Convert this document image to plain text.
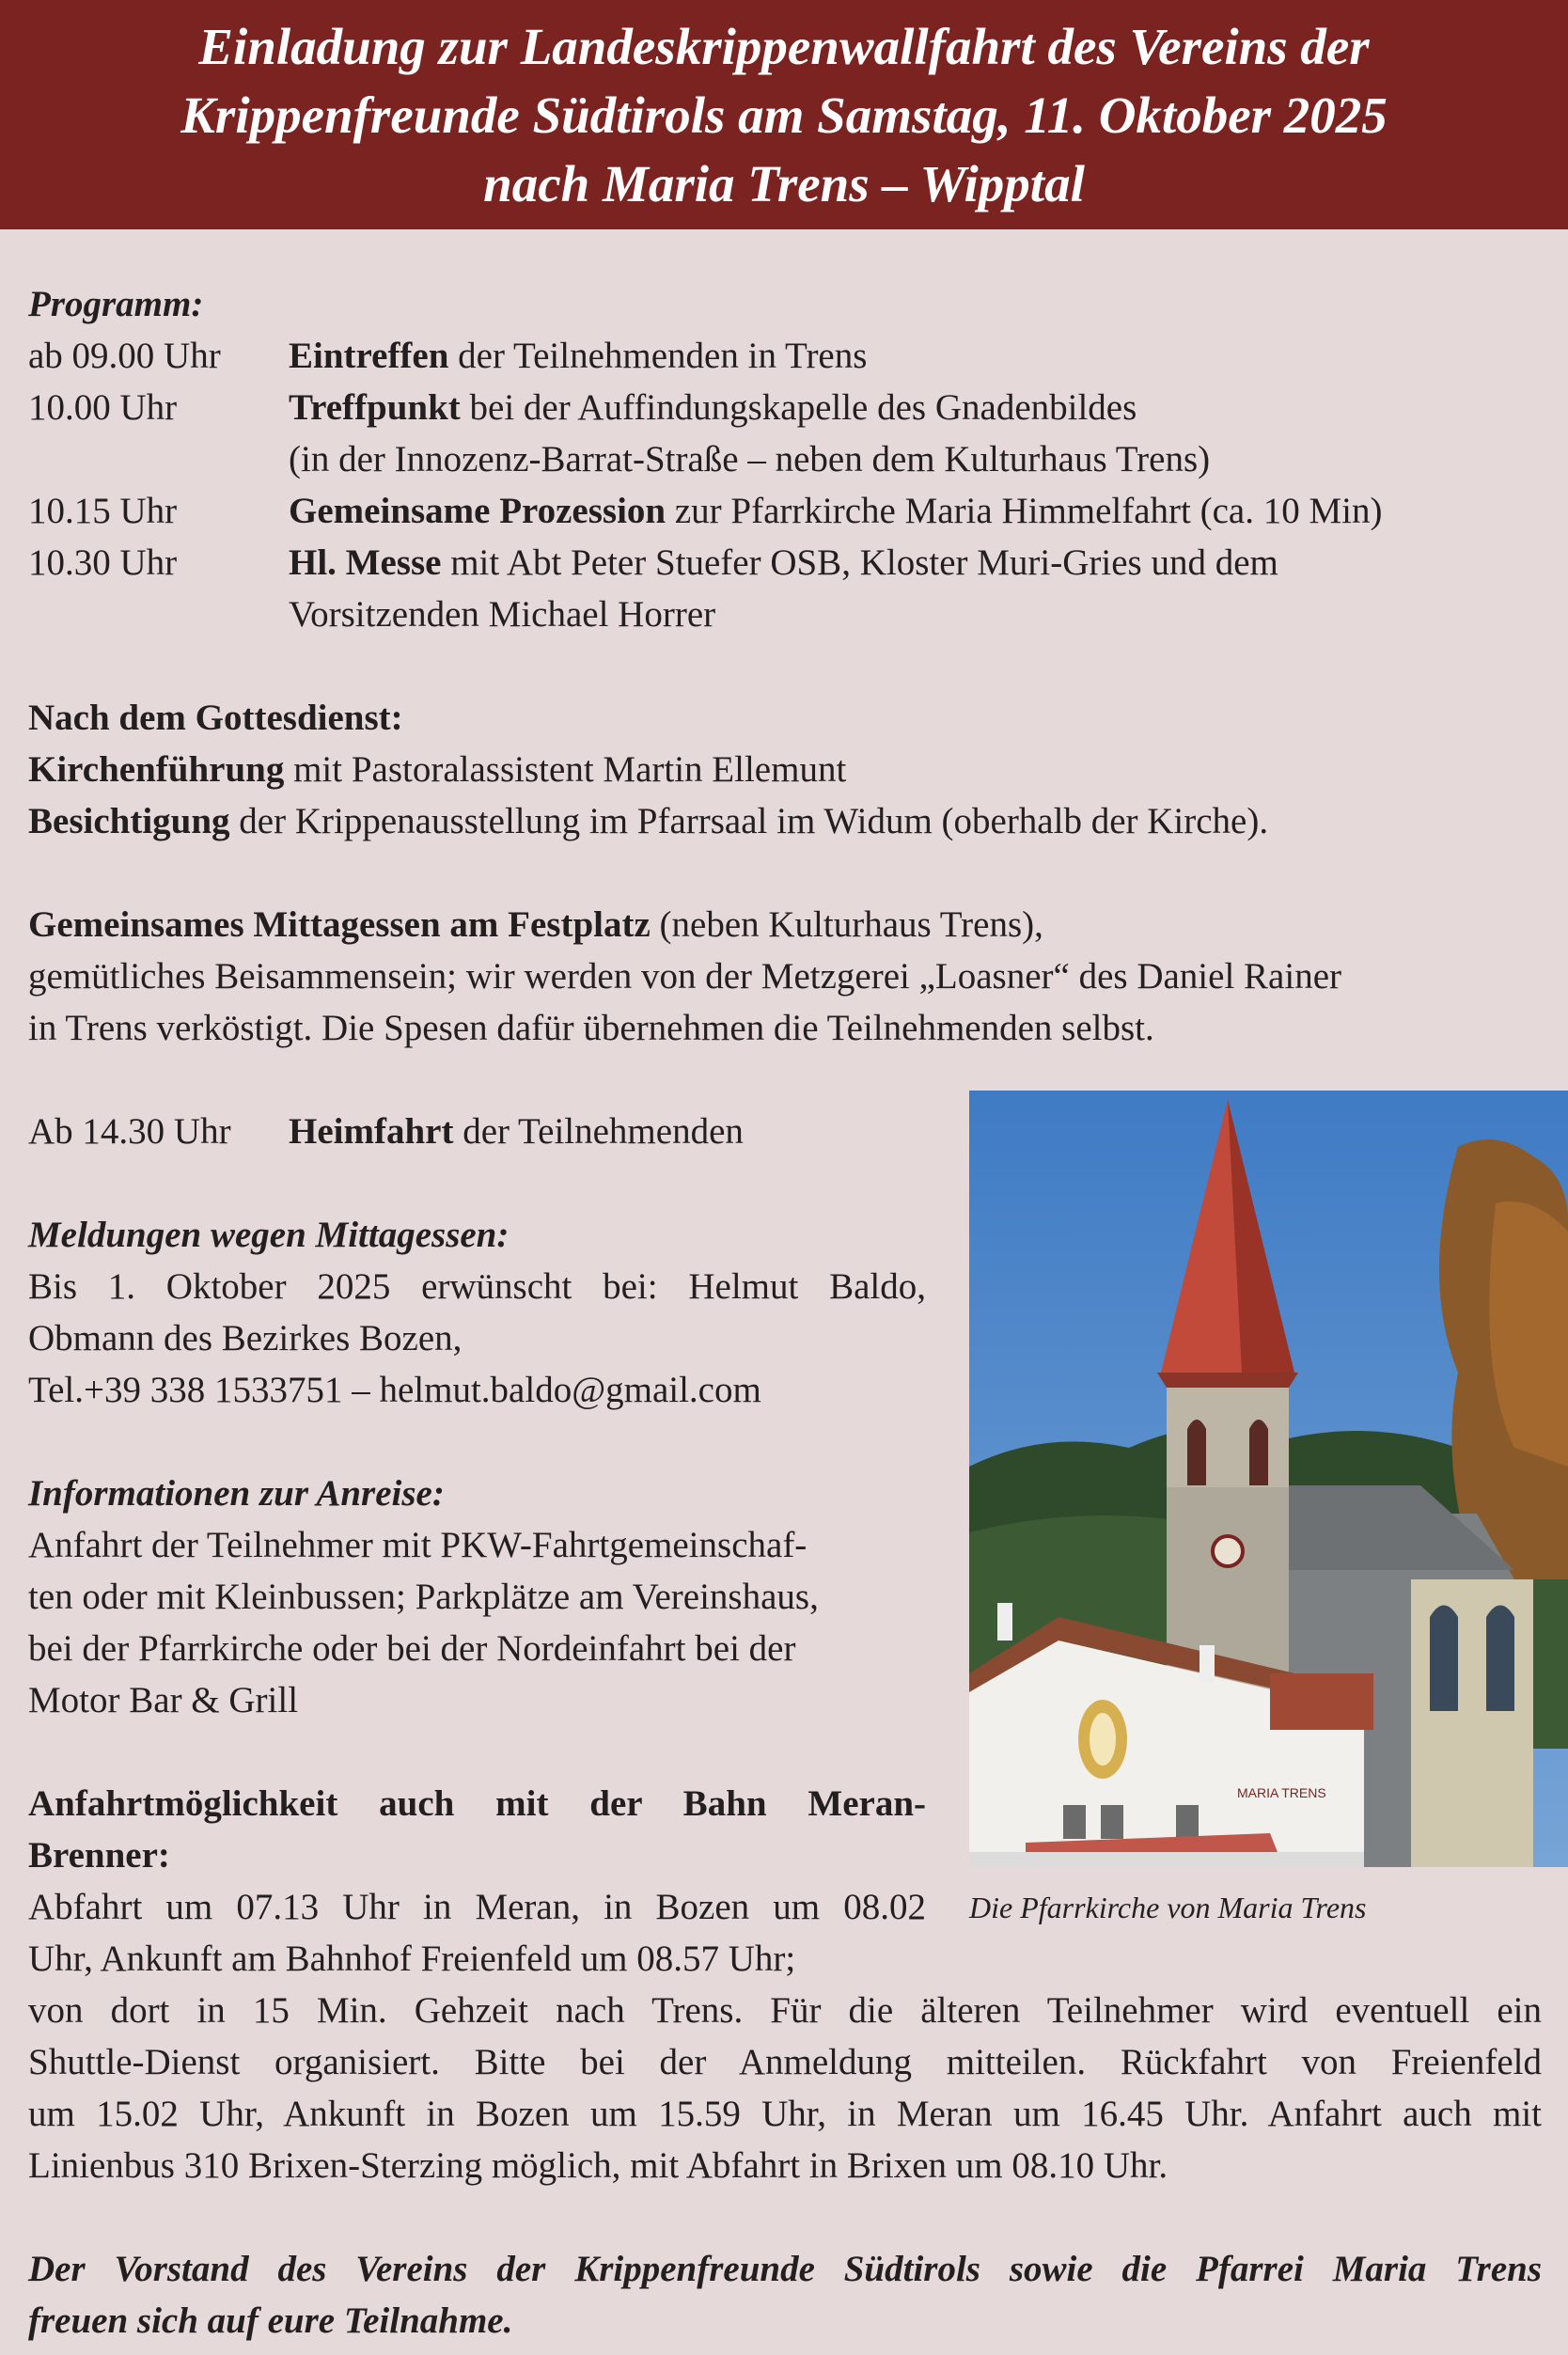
Einladung zur Landeskrippenwallfahrt des Vereins der
Krippenfreunde Südtirols am Samstag, 11. Oktober 2025
nach Maria Trens – Wipptal
Programm:
ab 09.00 Uhr	Eintreffen der Teilnehmenden in Trens
10.00 Uhr	Treffpunkt bei der Auffindungskapelle des Gnadenbildes
(in der Innozenz-Barrat-Straße – neben dem Kulturhaus Trens)
10.15 Uhr	Gemeinsame Prozession zur Pfarrkirche Maria Himmelfahrt (ca. 10 Min)
10.30 Uhr	Hl. Messe mit Abt Peter Stuefer OSB, Kloster Muri-Gries und dem
Vorsitzenden Michael Horrer
Nach dem Gottesdienst:
Kirchenführung mit Pastoralassistent Martin Ellemunt
Besichtigung der Krippenausstellung im Pfarrsaal im Widum (oberhalb der Kirche).
Gemeinsames Mittagessen am Festplatz (neben Kulturhaus Trens),
gemütliches Beisammensein; wir werden von der Metzgerei „Loasner“ des Daniel Rainer
in Trens verköstigt. Die Spesen dafür übernehmen die Teilnehmenden selbst.
Ab 14.30 Uhr	Heimfahrt der Teilnehmenden
Meldungen wegen Mittagessen:
Bis 1. Oktober 2025 erwünscht bei: Helmut Baldo,
Obmann des Bezirkes Bozen,
Tel.+39 338 1533751 – helmut.baldo@gmail.com
Informationen zur Anreise:
Anfahrt der Teilnehmer mit PKW-Fahrtgemeinschaf-
ten oder mit Kleinbussen; Parkplätze am Vereinshaus,
bei der Pfarrkirche oder bei der Nordeinfahrt bei der
Motor Bar & Grill
Anfahrtmöglichkeit auch mit der Bahn Meran-
Brenner:
Abfahrt um 07.13 Uhr in Meran, in Bozen um 08.02
Uhr, Ankunft am Bahnhof Freienfeld um 08.57 Uhr;
von dort in 15 Min. Gehzeit nach Trens. Für die älteren Teilnehmer wird eventuell ein
Shuttle-Dienst organisiert. Bitte bei der Anmeldung mitteilen. Rückfahrt von Freienfeld
um 15.02 Uhr, Ankunft in Bozen um 15.59 Uhr, in Meran um 16.45 Uhr. Anfahrt auch mit
Linienbus 310 Brixen-Sterzing möglich, mit Abfahrt in Brixen um 08.10 Uhr.
Der Vorstand des Vereins der Krippenfreunde Südtirols sowie die Pfarrei Maria Trens
freuen sich auf eure Teilnahme.
MARIA TRENS
Die Pfarrkirche von Maria Trens
